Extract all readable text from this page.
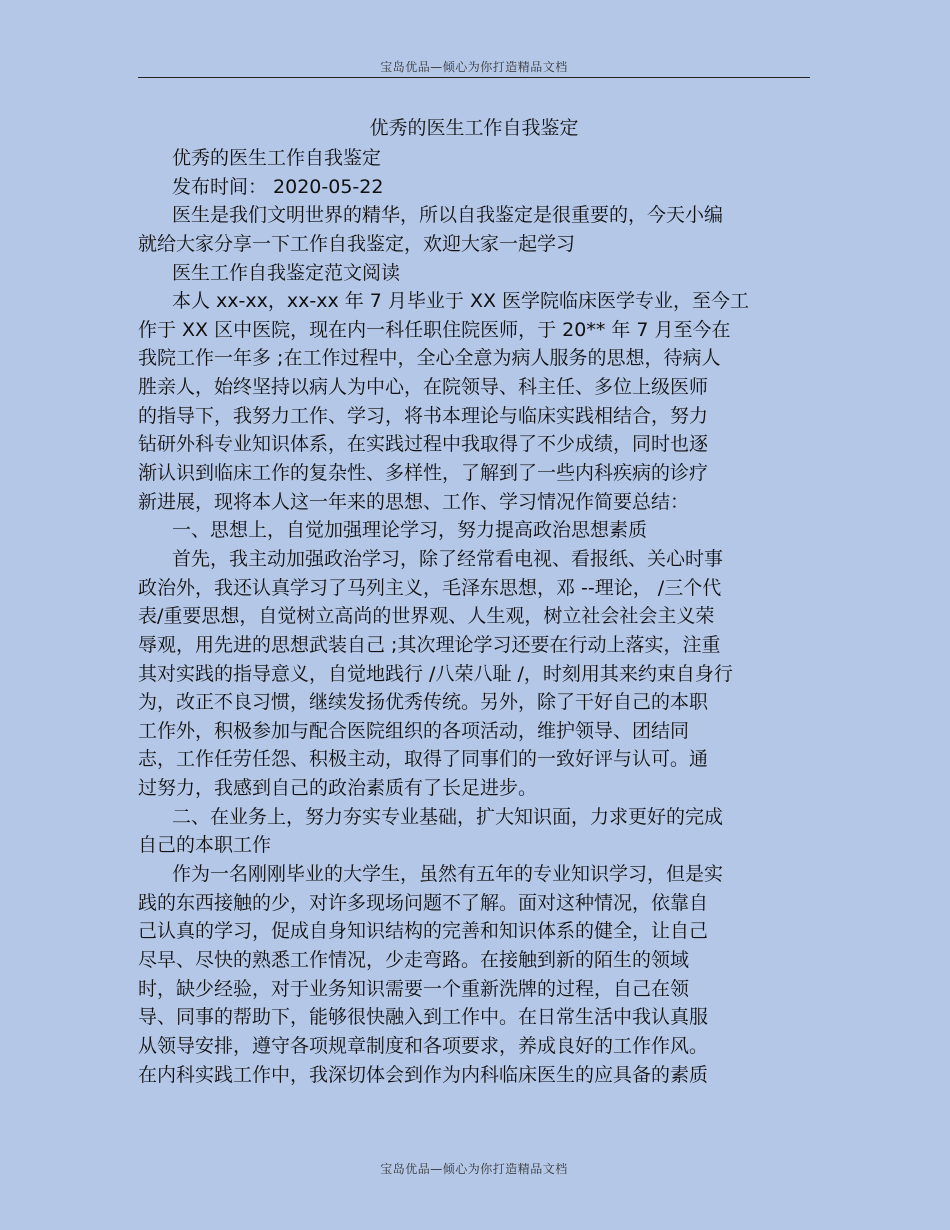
宝岛优品—倾心为你打造精品文档
优秀的医生工作自我鉴定
优秀的医生工作自我鉴定
发布时间： 2020-05-22
医生是我们文明世界的精华，所以自我鉴定是很重要的，今天小编
就给大家分享一下工作自我鉴定，欢迎大家一起学习
医生工作自我鉴定范文阅读
本人 xx-xx，xx-xx 年 7 月毕业于 XX 医学院临床医学专业，至今工
作于 XX 区中医院，现在内一科任职住院医师，于 20** 年 7 月至今在
我院工作一年多 ;在工作过程中，全心全意为病人服务的思想，待病人
胜亲人，始终坚持以病人为中心，在院领导、科主任、多位上级医师
的指导下，我努力工作、学习，将书本理论与临床实践相结合，努力
钻研外科专业知识体系，在实践过程中我取得了不少成绩，同时也逐
渐认识到临床工作的复杂性、多样性，了解到了一些内科疾病的诊疗
新进展，现将本人这一年来的思想、工作、学习情况作简要总结：
一、思想上，自觉加强理论学习，努力提高政治思想素质
首先，我主动加强政治学习，除了经常看电视、看报纸、关心时事
政治外，我还认真学习了马列主义，毛泽东思想，邓 --理论， /三个代
表/重要思想，自觉树立高尚的世界观、人生观，树立社会社会主义荣
辱观，用先进的思想武装自己 ;其次理论学习还要在行动上落实，注重
其对实践的指导意义，自觉地践行 /八荣八耻 /，时刻用其来约束自身行
为，改正不良习惯，继续发扬优秀传统。另外，除了干好自己的本职
工作外，积极参加与配合医院组织的各项活动，维护领导、团结同
志，工作任劳任怨、积极主动，取得了同事们的一致好评与认可。通
过努力，我感到自己的政治素质有了长足进步。
二、在业务上，努力夯实专业基础，扩大知识面，力求更好的完成
自己的本职工作
作为一名刚刚毕业的大学生，虽然有五年的专业知识学习，但是实
践的东西接触的少，对许多现场问题不了解。面对这种情况，依靠自
己认真的学习，促成自身知识结构的完善和知识体系的健全，让自己
尽早、尽快的熟悉工作情况，少走弯路。在接触到新的陌生的领域
时，缺少经验，对于业务知识需要一个重新洗牌的过程，自己在领
导、同事的帮助下，能够很快融入到工作中。在日常生活中我认真服
从领导安排，遵守各项规章制度和各项要求，养成良好的工作作风。
在内科实践工作中，我深切体会到作为内科临床医生的应具备的素质
宝岛优品—倾心为你打造精品文档
